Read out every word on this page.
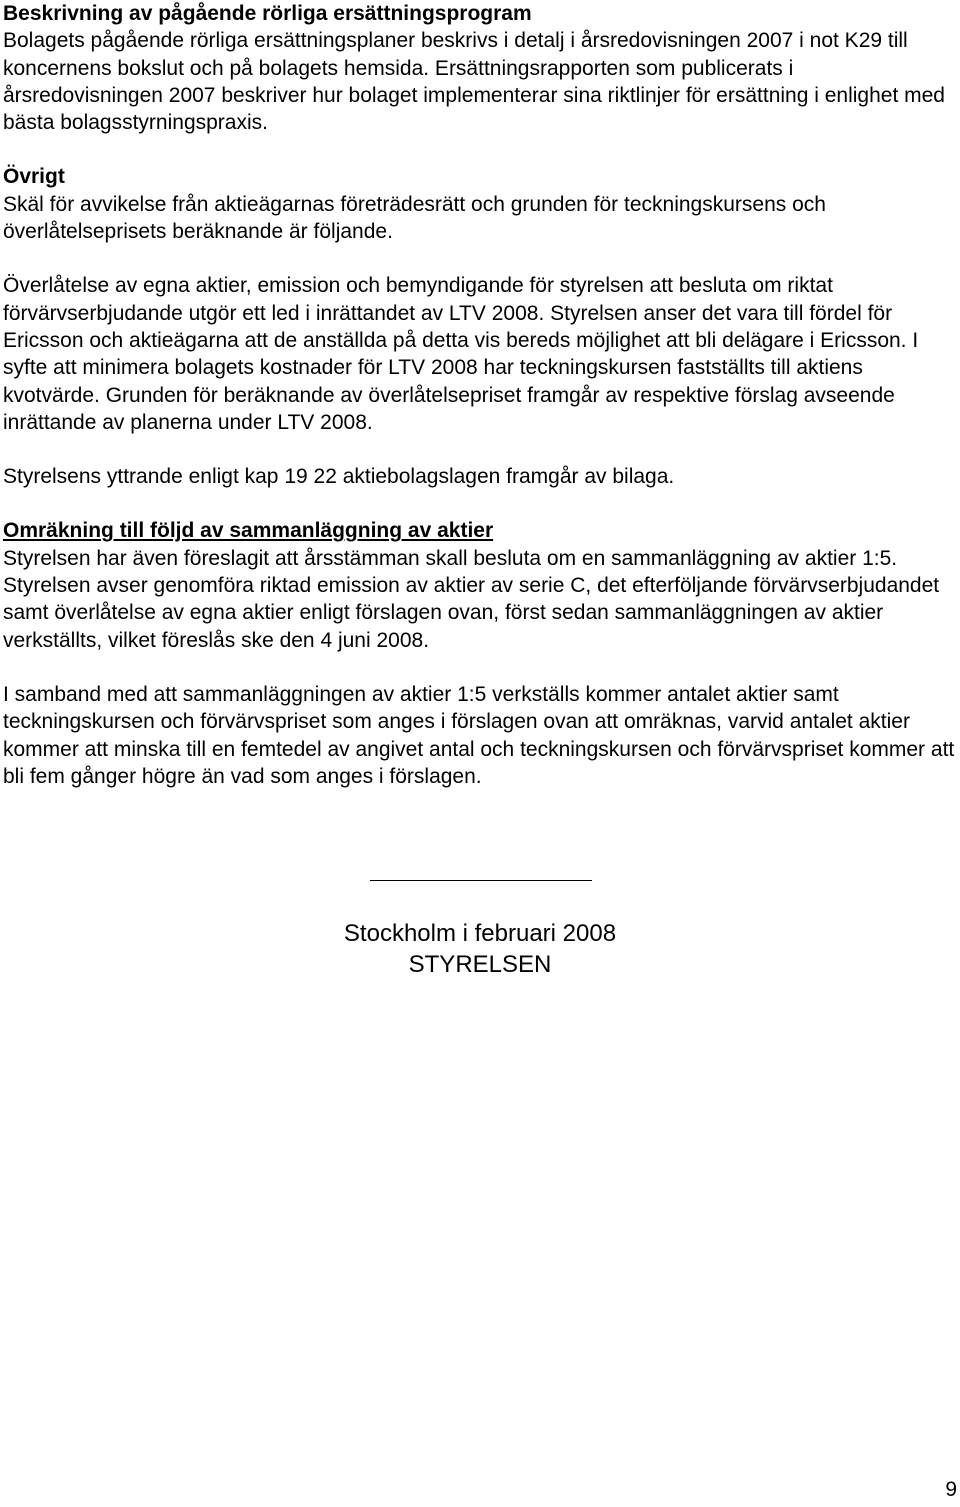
Beskrivning av pågående rörliga ersättningsprogram

Bolagets pågående rörliga ersättningsplaner beskrivs i detalj i årsredovisningen 2007 i not K29 till koncernens bokslut och på bolagets hemsida. Ersättningsrapporten som publicerats i årsredovisningen 2007 beskriver hur bolaget implementerar sina riktlinjer för ersättning i enlighet med bästa bolagsstyrningspraxis.

Övrigt

Skäl för avvikelse från aktieägarnas företrädesrätt och grunden för teckningskursens och överlåtelseprisets beräknande är följande.

Överlåtelse av egna aktier, emission och bemyndigande för styrelsen att besluta om riktat förvärvserbjudande utgör ett led i inrättandet av LTV 2008. Styrelsen anser det vara till fördel för Ericsson och aktieägarna att de anställda på detta vis bereds möjlighet att bli delägare i Ericsson. I syfte att minimera bolagets kostnader för LTV 2008 har teckningskursen fastställts till aktiens kvotvärde. Grunden för beräknande av överlåtelsepriset framgår av respektive förslag avseende inrättande av planerna under LTV 2008.

Styrelsens yttrande enligt kap 19 22 aktiebolagslagen framgår av bilaga.

Omräkning till följd av sammanläggning av aktier

Styrelsen har även föreslagit att årsstämman skall besluta om en sammanläggning av aktier 1:5. Styrelsen avser genomföra riktad emission av aktier av serie C, det efterföljande förvärvserbjudandet samt överlåtelse av egna aktier enligt förslagen ovan, först sedan sammanläggningen av aktier verkställts, vilket föreslås ske den 4 juni 2008.

I samband med att sammanläggningen av aktier 1:5 verkställs kommer antalet aktier samt teckningskursen och förvärvspriset som anges i förslagen ovan att omräknas, varvid antalet aktier kommer att minska till en femtedel av angivet antal och teckningskursen och förvärvspriset kommer att bli fem gånger högre än vad som anges i förslagen.

Stockholm i februari 2008
STYRELSEN
9
